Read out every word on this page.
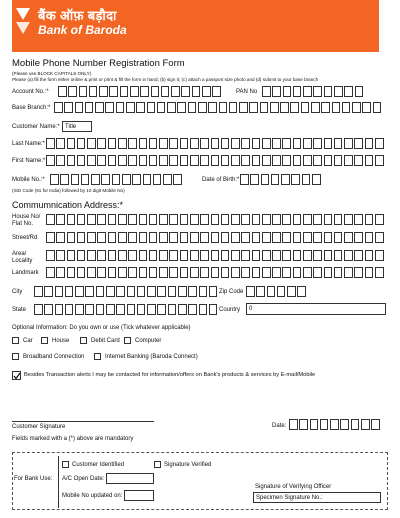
बैंक ऑफ़ बड़ौदा
Bank of Baroda
Mobile Phone Number Registration Form
(Please use BLOCK CAPITALS ONLY)
Please (a) fill the form either online & print or print & fill the form in hand; (b) sign it; (c) attach a passport size photo and (d) submit to your base branch
Account No.:*	PAN No
Base Branch:*
Customer Name:* Title
Last Name:*
First Name:*
Mobile No.:*	Date of Birth:*
(ISD Code (91 for India) followed by 10 digit Mobile No)
Commumnication Address:*
House No/
Flat No.
Street/Rd
Area/
Locality
Landmark
City	Zip Code
State	Country	0
Optional Information: Do you own or use (Tick whatever applicable)
Car	House	Debit Card	Computer
Broadband Connection	Internet Banking (Baroda Connect)
Besides Transaction alerts I may be contacted for information/offers on Bank's products & services by E-mail/Mobile
Customer Signature	Date:
Fields marked with a (*) above are mandatory
For Bank Use:
Customer Identified	Signature Verified
A/C Open Date:
Mobile No updated on:
Signature of Verifying Officer
Specimen Signature No.:
